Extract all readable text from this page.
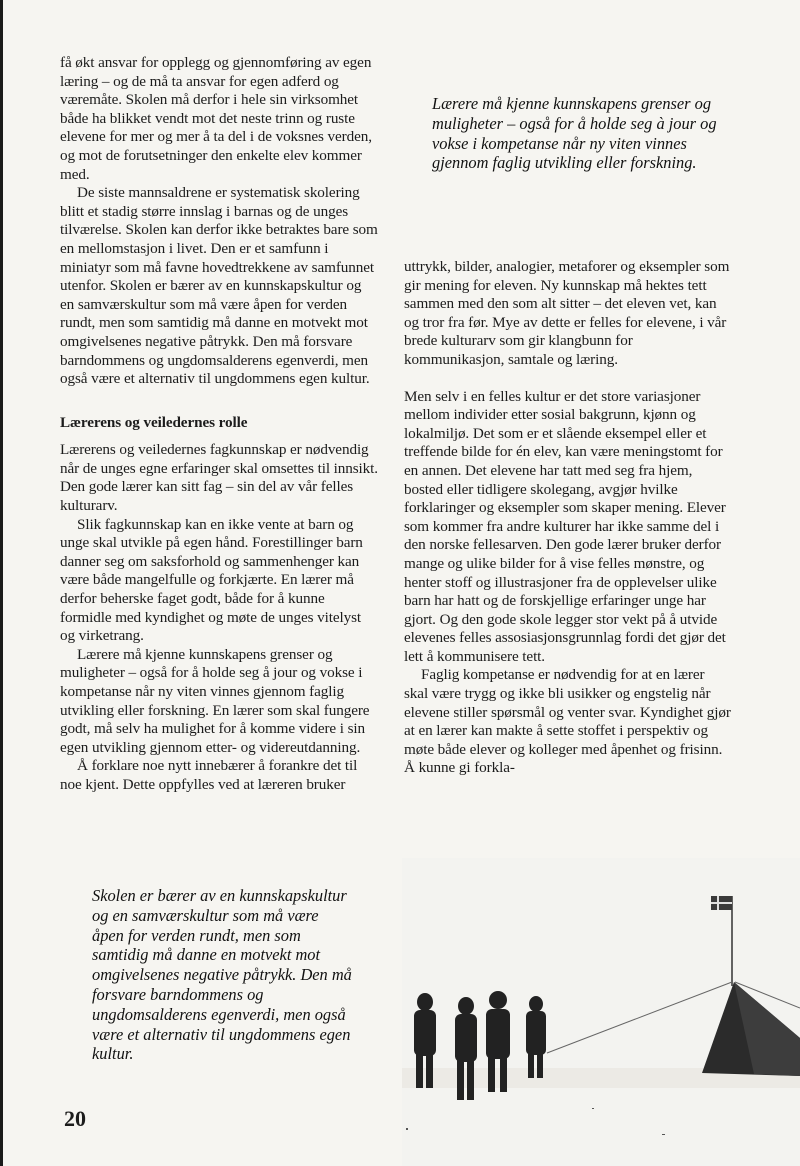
få økt ansvar for opplegg og gjennomføring av egen læring – og de må ta ansvar for egen adferd og væremåte. Skolen må derfor i hele sin virksomhet både ha blikket vendt mot det neste trinn og ruste elevene for mer og mer å ta del i de voksnes verden, og mot de forutsetninger den enkelte elev kommer med.

De siste mannsaldrene er systematisk skolering blitt et stadig større innslag i barnas og de unges tilværelse. Skolen kan derfor ikke betraktes bare som en mellomstasjon i livet. Den er et samfunn i miniatyr som må favne hovedtrekkene av samfunnet utenfor. Skolen er bærer av en kunnskapskultur og en samværskultur som må være åpen for verden rundt, men som samtidig må danne en motvekt mot omgivelsenes negative påtrykk. Den må forsvare barndommens og ungdomsalderens egenverdi, men også være et alternativ til ungdommens egen kultur.

Lærerens og veiledernes rolle

Lærerens og veiledernes fagkunnskap er nødvendig når de unges egne erfaringer skal omsettes til innsikt. Den gode lærer kan sitt fag – sin del av vår felles kulturarv.

Slik fagkunnskap kan en ikke vente at barn og unge skal utvikle på egen hånd. Forestillinger barn danner seg om saksforhold og sammenhenger kan være både mangelfulle og forkjærte. En lærer må derfor beherske faget godt, både for å kunne formidle med kyndighet og møte de unges vitelyst og virketrang.

Lærere må kjenne kunnskapens grenser og muligheter – også for å holde seg å jour og vokse i kompetanse når ny viten vinnes gjennom faglig utvikling eller forskning. En lærer som skal fungere godt, må selv ha mulighet for å komme videre i sin egen utvikling gjennom etter- og videreutdanning.

Å forklare noe nytt innebærer å forankre det til noe kjent. Dette oppfylles ved at læreren bruker

Lærere må kjenne kunnskapens grenser og muligheter – også for å holde seg à jour og vokse i kompetanse når ny viten vinnes gjennom faglig utvikling eller forskning.

uttrykk, bilder, analogier, metaforer og eksempler som gir mening for eleven. Ny kunnskap må hektes tett sammen med den som alt sitter – det eleven vet, kan og tror fra før. Mye av dette er felles for elevene, i vår brede kulturarv som gir klangbunn for kommunikasjon, samtale og læring.

Men selv i en felles kultur er det store variasjoner mellom individer etter sosial bakgrunn, kjønn og lokalmiljø. Det som er et slående eksempel eller et treffende bilde for én elev, kan være meningstomt for en annen. Det elevene har tatt med seg fra hjem, bosted eller tidligere skolegang, avgjør hvilke forklaringer og eksempler som skaper mening. Elever som kommer fra andre kulturer har ikke samme del i den norske fellesarven. Den gode lærer bruker derfor mange og ulike bilder for å vise felles mønstre, og henter stoff og illustrasjoner fra de opplevelser ulike barn har hatt og de forskjellige erfaringer unge har gjort. Og den gode skole legger stor vekt på å utvide elevenes felles assosiasjonsgrunnlag fordi det gjør det lett å kommunisere tett.

Faglig kompetanse er nødvendig for at en lærer skal være trygg og ikke bli usikker og engstelig når elevene stiller spørsmål og venter svar. Kyndighet gjør at en lærer kan makte å sette stoffet i perspektiv og møte både elever og kolleger med åpenhet og frisinn. Å kunne gi forkla-

Skolen er bærer av en kunnskapskultur og en samværskultur som må være åpen for verden rundt, men som samtidig må danne en motvekt mot omgivelsenes negative påtrykk. Den må forsvare barndommens og ungdomsalderens egenverdi, men også være et alternativ til ungdommens egen kultur.
20
